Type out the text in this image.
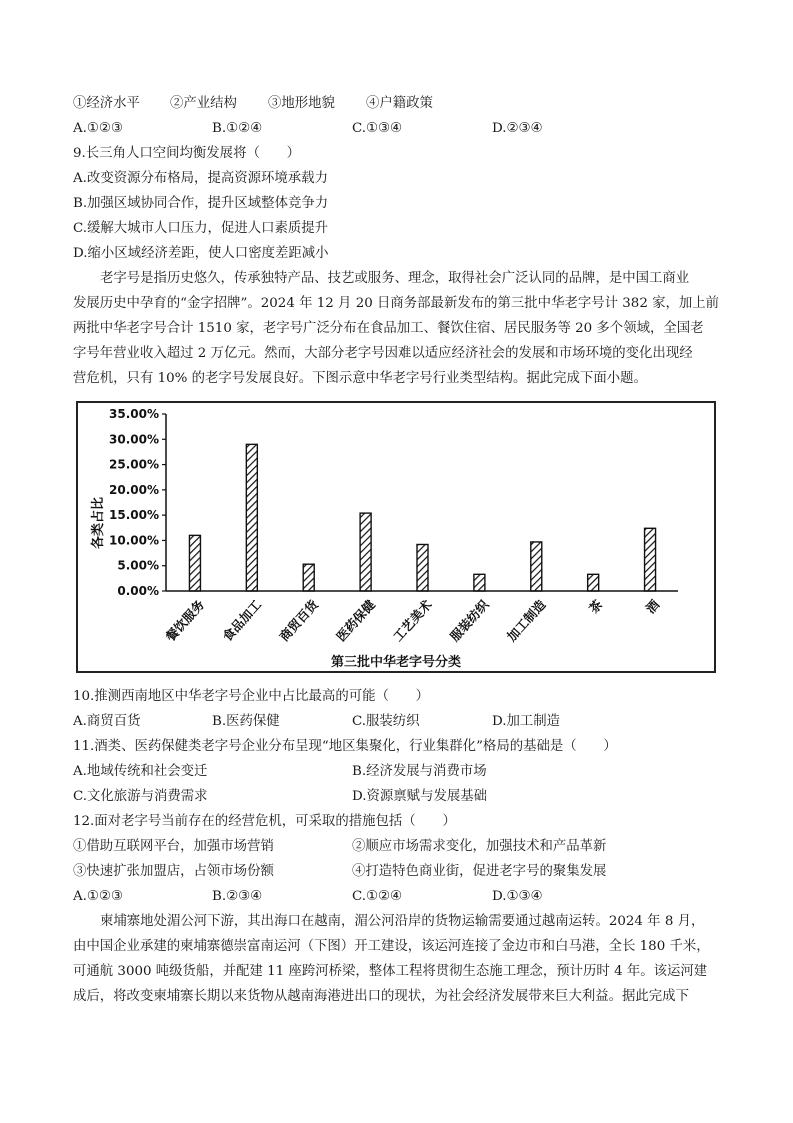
①经济水平 ②产业结构 ③地形地貌 ④户籍政策
A.①②③	B.①②④	C.①③④	D.②③④
9.长三角人口空间均衡发展将（　　）
A.改变资源分布格局，提高资源环境承载力
B.加强区域协同合作，提升区域整体竞争力
C.缓解大城市人口压力，促进人口素质提升
D.缩小区域经济差距，使人口密度差距减小
老字号是指历史悠久，传承独特产品、技艺或服务、理念，取得社会广泛认同的品牌，是中国工商业
发展历史中孕育的“金字招牌”。2024 年 12 月 20 日商务部最新发布的第三批中华老字号计 382 家，加上前
两批中华老字号合计 1510 家，老字号广泛分布在食品加工、餐饮住宿、居民服务等 20 多个领域，全国老
字号年营业收入超过 2 万亿元。然而，大部分老字号因难以适应经济社会的发展和市场环境的变化出现经
营危机，只有 10% 的老字号发展良好。下图示意中华老字号行业类型结构。据此完成下面小题。
0.00%
5.00%
10.00%
15.00%
20.00%
25.00%
30.00%
35.00%
餐饮服务 食品加工 商贸百货 医药保健 工艺美术 服装纺织 加工制造	茶	酒
各类占比
第三批中华老字号分类
10.推测西南地区中华老字号企业中占比最高的可能（　　）
A.商贸百货	B.医药保健	C.服装纺织	D.加工制造
11.酒类、医药保健类老字号企业分布呈现“地区集聚化，行业集群化”格局的基础是（　　）
A.地域传统和社会变迁	B.经济发展与消费市场
C.文化旅游与消费需求	D.资源禀赋与发展基础
12.面对老字号当前存在的经营危机，可采取的措施包括（　　）
①借助互联网平台，加强市场营销	②顺应市场需求变化，加强技术和产品革新
③快速扩张加盟店，占领市场份额	④打造特色商业街，促进老字号的聚集发展
A.①②③	B.②③④	C.①②④	D.①③④
柬埔寨地处湄公河下游，其出海口在越南，湄公河沿岸的货物运输需要通过越南运转。2024 年 8 月，
由中国企业承建的柬埔寨德崇富南运河（下图）开工建设，该运河连接了金边市和白马港，全长 180 千米，
可通航 3000 吨级货船，并配建 11 座跨河桥梁，整体工程将贯彻生态施工理念，预计历时 4 年。该运河建
成后，将改变柬埔寨长期以来货物从越南海港进出口的现状，为社会经济发展带来巨大利益。据此完成下
